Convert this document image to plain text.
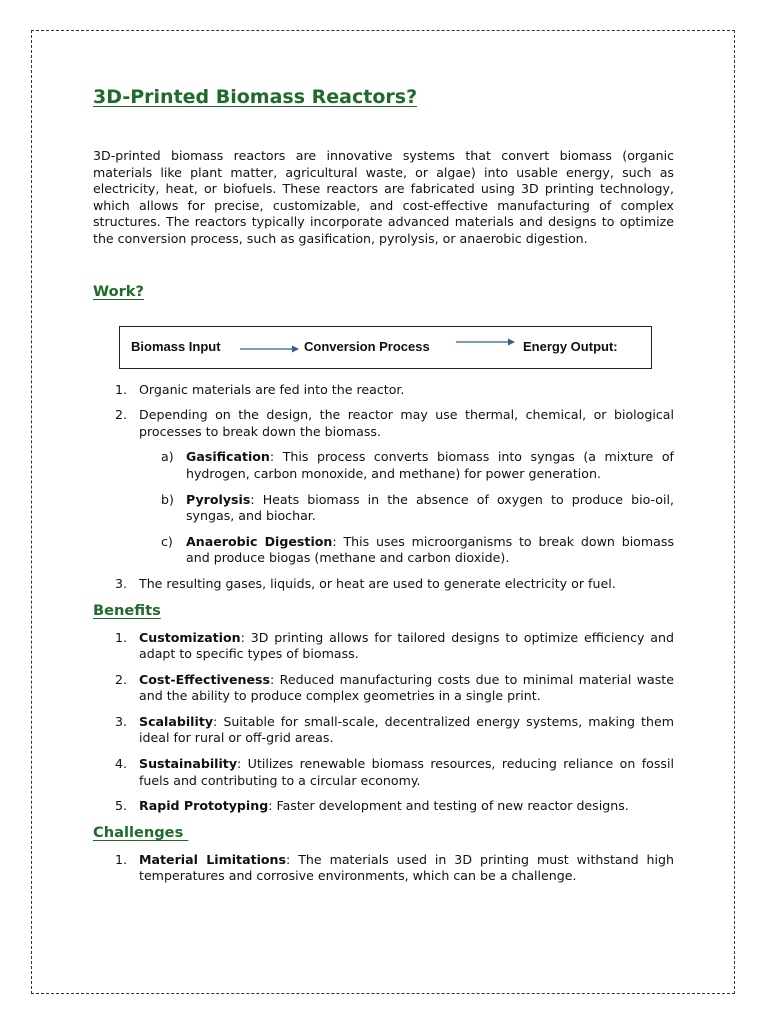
3D-Printed Biomass Reactors?

3D-printed biomass reactors are innovative systems that convert biomass (organic materials like plant matter, agricultural waste, or algae) into usable energy, such as electricity, heat, or biofuels. These reactors are fabricated using 3D printing technology, which allows for precise, customizable, and cost-effective manufacturing of complex structures. The reactors typically incorporate advanced materials and designs to optimize the conversion process, such as gasification, pyrolysis, or anaerobic digestion.

Work?
Biomass Input	Conversion Process	Energy Output:
1. Organic materials are fed into the reactor.
2. Depending on the design, the reactor may use thermal, chemical, or biological processes to break down the biomass.
a) Gasification: This process converts biomass into syngas (a mixture of hydrogen, carbon monoxide, and methane) for power generation.
b) Pyrolysis: Heats biomass in the absence of oxygen to produce bio-oil, syngas, and biochar.
c) Anaerobic Digestion: This uses microorganisms to break down biomass and produce biogas (methane and carbon dioxide).
3. The resulting gases, liquids, or heat are used to generate electricity or fuel.
Benefits
1. Customization: 3D printing allows for tailored designs to optimize efficiency and adapt to specific types of biomass.
2. Cost-Effectiveness: Reduced manufacturing costs due to minimal material waste and the ability to produce complex geometries in a single print.
3. Scalability: Suitable for small-scale, decentralized energy systems, making them ideal for rural or off-grid areas.
4. Sustainability: Utilizes renewable biomass resources, reducing reliance on fossil fuels and contributing to a circular economy.
5. Rapid Prototyping: Faster development and testing of new reactor designs.
Challenges
1. Material Limitations: The materials used in 3D printing must withstand high temperatures and corrosive environments, which can be a challenge.
